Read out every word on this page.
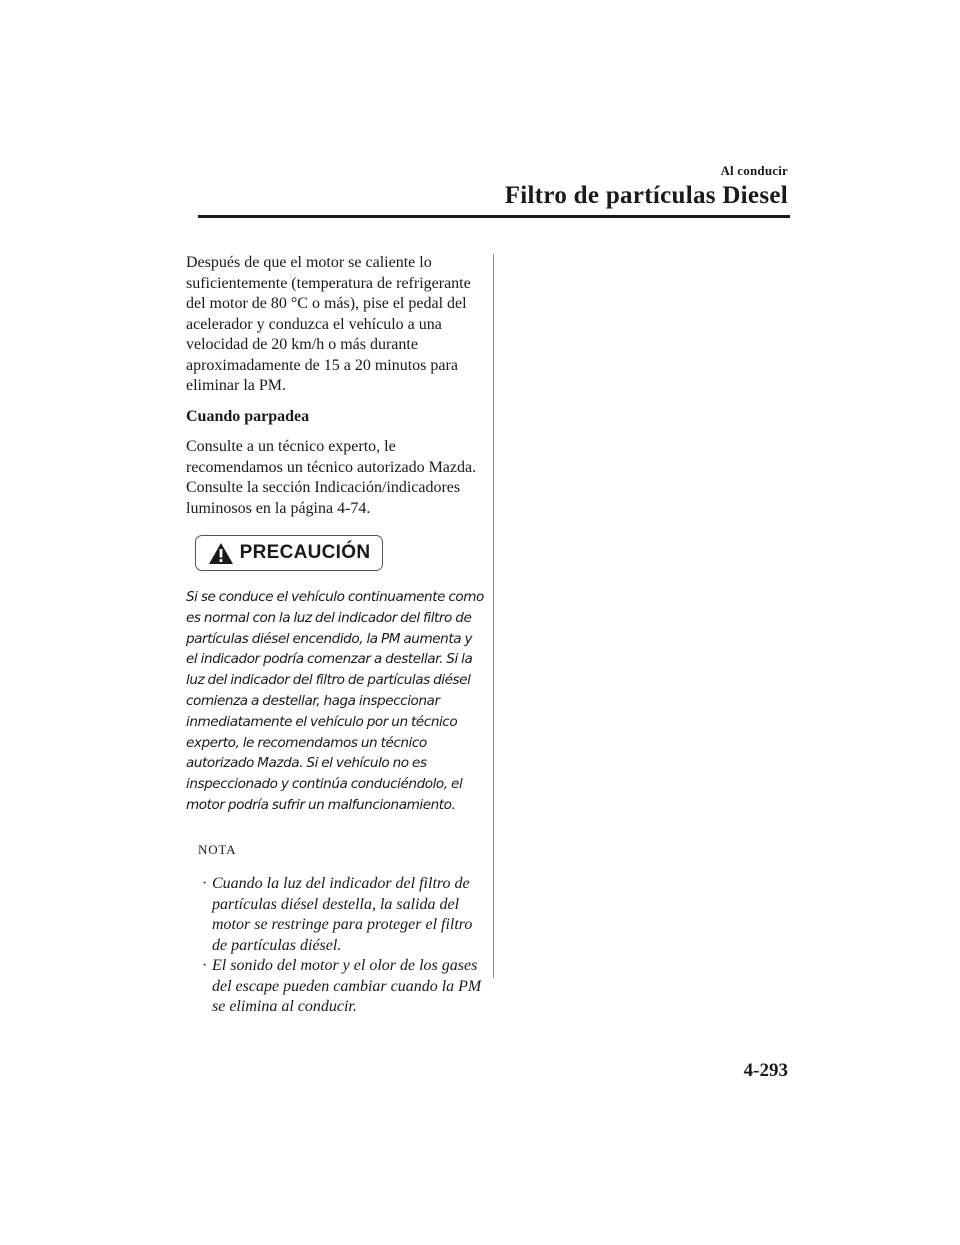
Al conducir
Filtro de partículas Diesel

Después de que el motor se caliente lo suficientemente (temperatura de refrigerante del motor de 80 °C o más), pise el pedal del acelerador y conduzca el vehículo a una velocidad de 20 km/h o más durante aproximadamente de 15 a 20 minutos para eliminar la PM.

Cuando parpadea

Consulte a un técnico experto, le recomendamos un técnico autorizado Mazda.

Consulte la sección Indicación/indicadores luminosos en la página 4-74.

PRECAUCIÓN

Si se conduce el vehículo continuamente como es normal con la luz del indicador del filtro de partículas diésel encendido, la PM aumenta y el indicador podría comenzar a destellar. Si la luz del indicador del filtro de partículas diésel comienza a destellar, haga inspeccionar inmediatamente el vehículo por un técnico experto, le recomendamos un técnico autorizado Mazda. Si el vehículo no es inspeccionado y continúa conduciéndolo, el motor podría sufrir un malfuncionamiento.

NOTA
· Cuando la luz del indicador del filtro de partículas diésel destella, la salida del motor se restringe para proteger el filtro de partículas diésel.
· El sonido del motor y el olor de los gases del escape pueden cambiar cuando la PM se elimina al conducir.
4-293
